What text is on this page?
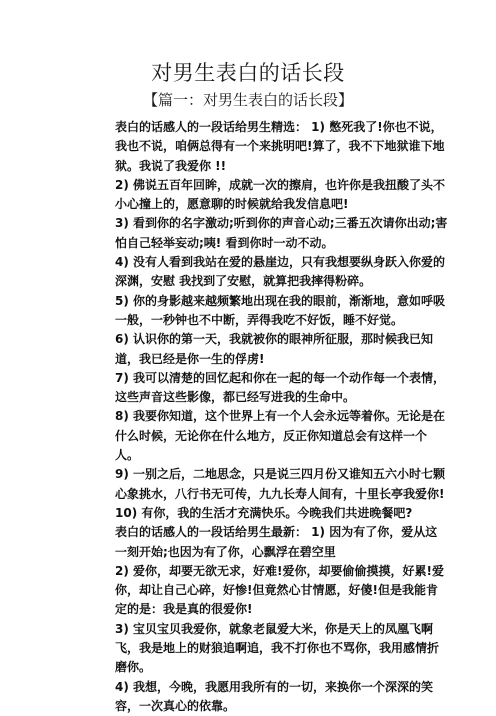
对男生表白的话长段
【篇一：对男生表白的话长段】

表白的话感人的一段话给男生精选： 1) 憋死我了!你也不说，我也不说，咱俩总得有一个来挑明吧!算了，我不下地狱谁下地狱。我说了我爱你 !!

2) 佛说五百年回眸，成就一次的擦肩，也许你是我扭酸了头不小心撞上的，愿意聊的时候就给我发信息吧!

3) 看到你的名字激动;听到你的声音心动;三番五次请你出动;害怕自己轻举妄动;咦! 看到你时一动不动。

4) 没有人看到我站在爱的悬崖边，只有我想要纵身跃入你爱的深渊，安慰 我找到了安慰，就算把我摔得粉碎。

5) 你的身影越来越频繁地出现在我的眼前，渐渐地，意如呼吸一般，一秒钟也不中断，弄得我吃不好饭，睡不好觉。

6) 认识你的第一天，我就被你的眼神所征服，那时候我已知道，我已经是你一生的俘虏!

7) 我可以清楚的回忆起和你在一起的每一个动作每一个表情，这些声音这些影像，都已经写进我的生命中。

8) 我要你知道，这个世界上有一个人会永远等着你。无论是在什么时候，无论你在什么地方，反正你知道总会有这样一个人。

9) 一别之后，二地思念，只是说三四月份又谁知五六小时七颗心象挑水，八行书无可传，九九长寿人间有，十里长亭我爱你!

10) 有你，我的生活才充满快乐。今晚我们共进晚餐吧?

表白的话感人的一段话给男生最新： 1) 因为有了你，爱从这一刻开始;也因为有了你，心飘浮在碧空里

2) 爱你，却要无欲无求，好难!爱你，却要偷偷摸摸，好累!爱你，却让自己心碎，好惨!但竟然心甘情愿，好傻!但是我能肯定的是：我是真的很爱你!

3) 宝贝宝贝我爱你，就象老鼠爱大米，你是天上的凤凰飞啊飞，我是地上的财狼追啊追，我不打你也不骂你，我用感情折磨你。

4) 我想，今晚，我愿用我所有的一切，来换你一个深深的笑容，一次真心的依靠。
